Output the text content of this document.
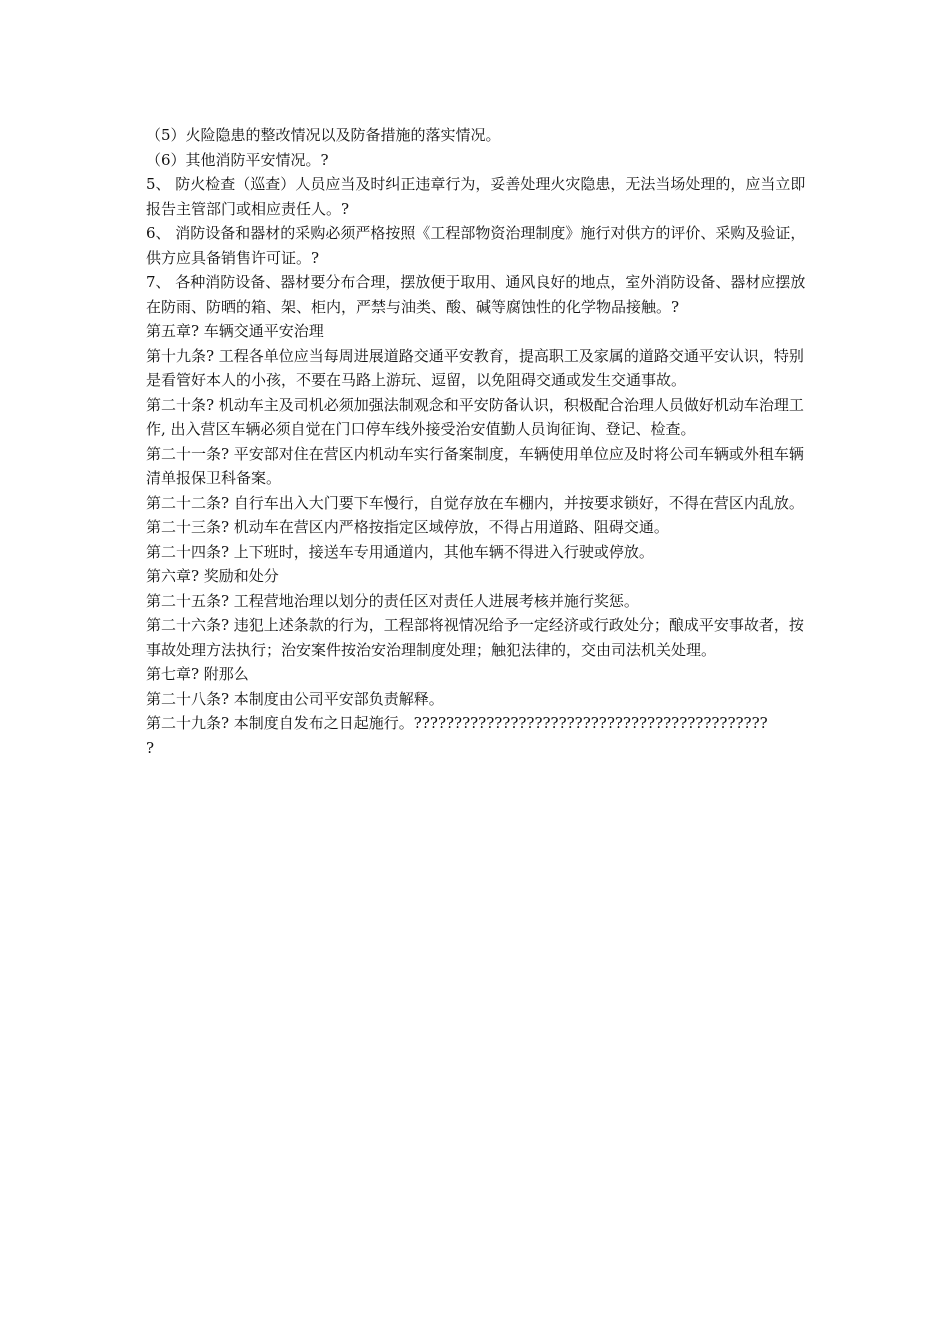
（5）火险隐患的整改情况以及防备措施的落实情况。

（6）其他消防平安情况。?

5、 防火检查（巡查）人员应当及时纠正违章行为，妥善处理火灾隐患，无法当场处理的，应当立即报告主管部门或相应责任人。?

6、 消防设备和器材的采购必须严格按照《工程部物资治理制度》施行对供方的评价、采购及验证，供方应具备销售许可证。?

7、 各种消防设备、器材要分布合理，摆放便于取用、通风良好的地点，室外消防设备、器材应摆放在防雨、防晒的箱、架、柜内，严禁与油类、酸、碱等腐蚀性的化学物品接触。?

第五章? 车辆交通平安治理

第十九条? 工程各单位应当每周进展道路交通平安教育，提高职工及家属的道路交通平安认识，特别是看管好本人的小孩，不要在马路上游玩、逗留，以免阻碍交通或发生交通事故。

第二十条? 机动车主及司机必须加强法制观念和平安防备认识，积极配合治理人员做好机动车治理工作, 出入营区车辆必须自觉在门口停车线外接受治安值勤人员询征询、登记、检查。

第二十一条? 平安部对住在营区内机动车实行备案制度，车辆使用单位应及时将公司车辆或外租车辆清单报保卫科备案。

第二十二条? 自行车出入大门要下车慢行，自觉存放在车棚内，并按要求锁好，不得在营区内乱放。

第二十三条? 机动车在营区内严格按指定区域停放，不得占用道路、阻碍交通。

第二十四条? 上下班时，接送车专用通道内，其他车辆不得进入行驶或停放。

第六章? 奖励和处分

第二十五条? 工程营地治理以划分的责任区对责任人进展考核并施行奖惩。

第二十六条? 违犯上述条款的行为，工程部将视情况给予一定经济或行政处分；酿成平安事故者，按事故处理方法执行；治安案件按治安治理制度处理；触犯法律的，交由司法机关处理。

第七章? 附那么

第二十八条? 本制度由公司平安部负责解释。

第二十九条? 本制度自发布之日起施行。????????????????????????????????????????????

?
